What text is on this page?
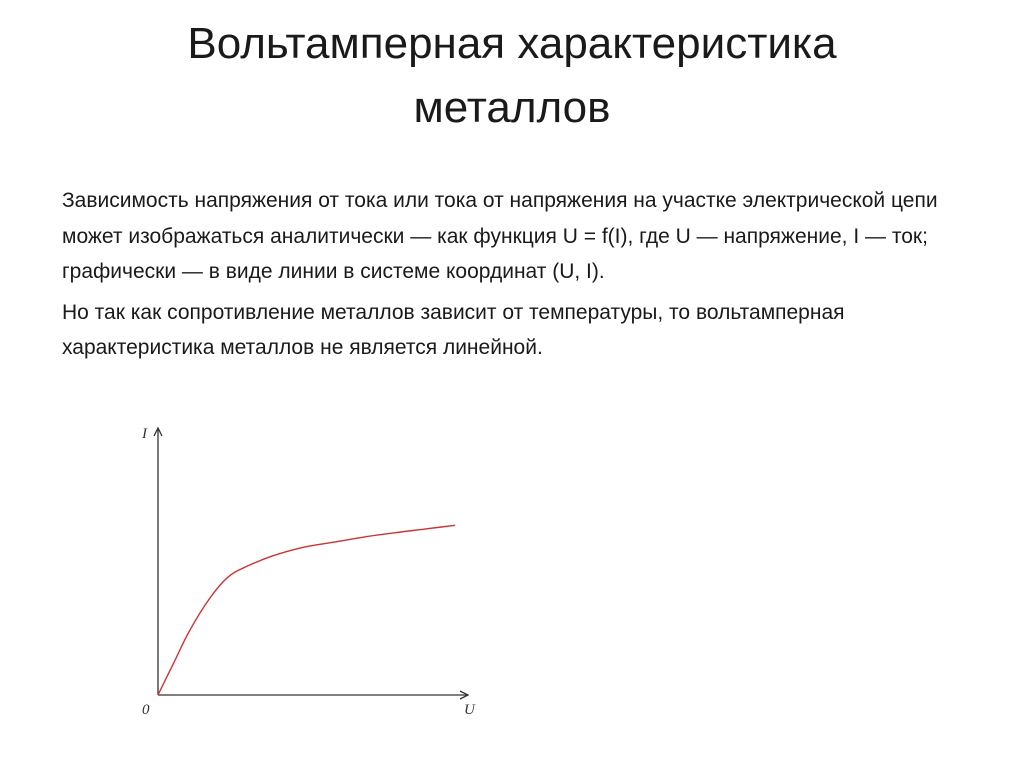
Вольтамперная характеристика
металлов

Зависимость напряжения от тока или тока от напряжения на участке электрической цепи может изображаться аналитически — как функция U = f(I), где U — напряжение, I — ток; графически — в виде линии в системе координат (U, I).

Но так как сопротивление металлов зависит от температуры, то вольтамперная характеристика металлов не является линейной.

I
U
0
